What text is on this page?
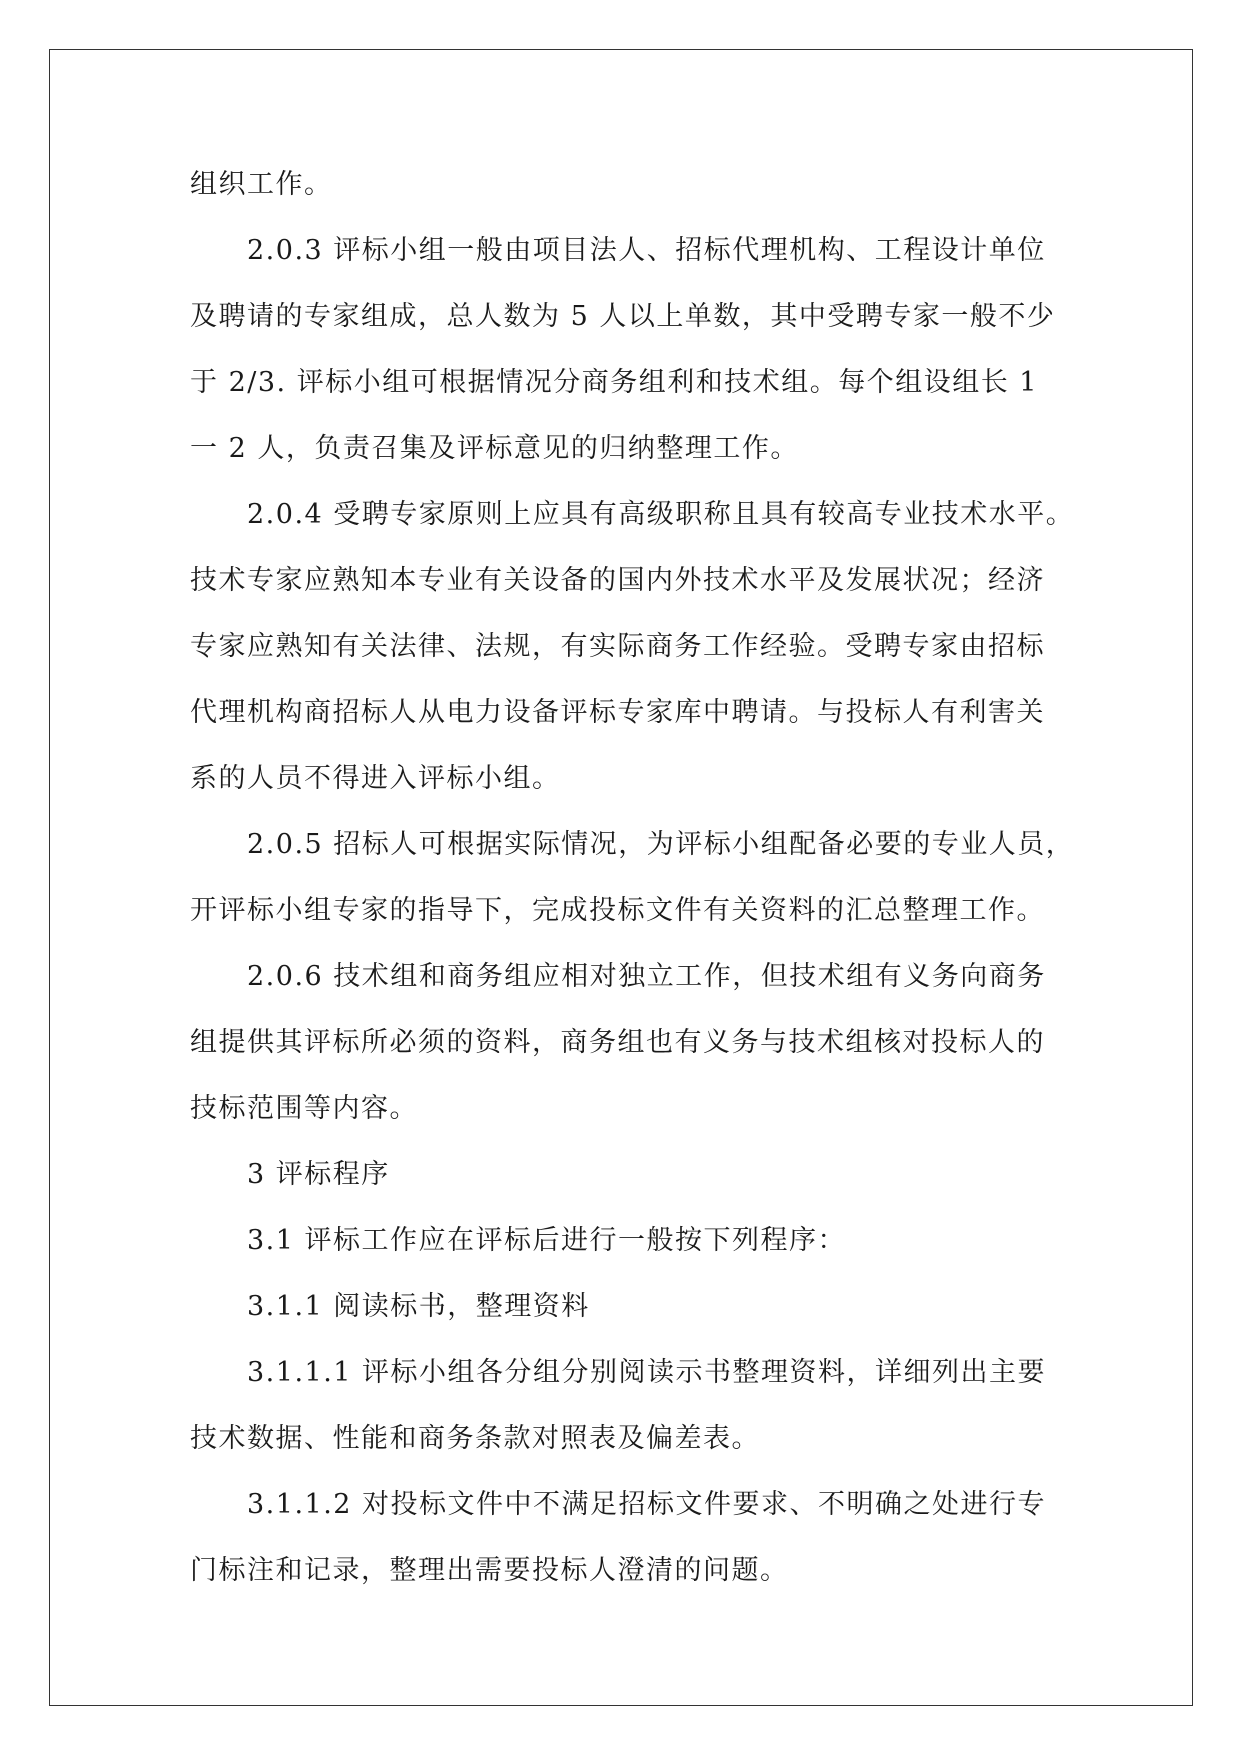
组织工作。
2.0.3 评标小组一般由项目法人、招标代理机构、工程设计单位
及聘请的专家组成，总人数为 5 人以上单数，其中受聘专家一般不少
于 2/3. 评标小组可根据情况分商务组利和技术组。每个组设组长 1
一 2 人，负责召集及评标意见的归纳整理工作。
2.0.4 受聘专家原则上应具有高级职称且具有较高专业技术水平。
技术专家应熟知本专业有关设备的国内外技术水平及发展状况；经济
专家应熟知有关法律、法规，有实际商务工作经验。受聘专家由招标
代理机构商招标人从电力设备评标专家库中聘请。与投标人有利害关
系的人员不得进入评标小组。
2.0.5 招标人可根据实际情况，为评标小组配备必要的专业人员，
开评标小组专家的指导下，完成投标文件有关资料的汇总整理工作。
2.0.6 技术组和商务组应相对独立工作，但技术组有义务向商务
组提供其评标所必须的资料，商务组也有义务与技术组核对投标人的
技标范围等内容。
3 评标程序
3.1 评标工作应在评标后进行一般按下列程序：
3.1.1 阅读标书，整理资料
3.1.1.1 评标小组各分组分别阅读示书整理资料，详细列出主要
技术数据、性能和商务条款对照表及偏差表。
3.1.1.2 对投标文件中不满足招标文件要求、不明确之处进行专
门标注和记录，整理出需要投标人澄清的问题。
